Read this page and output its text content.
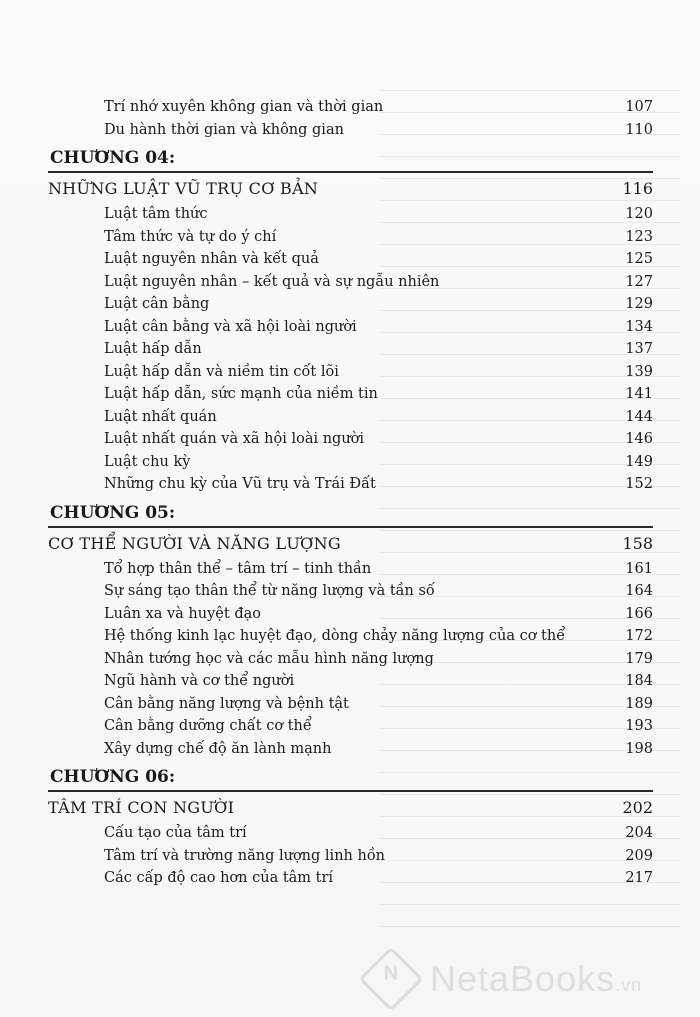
Trí nhớ xuyên không gian và thời gian	107
Du hành thời gian và không gian	110
CHƯƠNG 04:
NHỮNG LUẬT VŨ TRỤ CƠ BẢN	116
Luật tâm thức	120
Tâm thức và tự do ý chí	123
Luật nguyên nhân và kết quả	125
Luật nguyên nhân – kết quả và sự ngẫu nhiên	127
Luật cân bằng	129
Luật cân bằng và xã hội loài người	134
Luật hấp dẫn	137
Luật hấp dẫn và niềm tin cốt lõi	139
Luật hấp dẫn, sức mạnh của niềm tin	141
Luật nhất quán	144
Luật nhất quán và xã hội loài người	146
Luật chu kỳ	149
Những chu kỳ của Vũ trụ và Trái Đất	152
CHƯƠNG 05:
CƠ THỂ NGƯỜI VÀ NĂNG LƯỢNG	158
Tổ hợp thân thể – tâm trí – tinh thần	161
Sự sáng tạo thân thể từ năng lượng và tần số	164
Luân xa và huyệt đạo	166
Hệ thống kinh lạc huyệt đạo, dòng chảy năng lượng của cơ thể	172
Nhân tướng học và các mẫu hình năng lượng	179
Ngũ hành và cơ thể người	184
Cân bằng năng lượng và bệnh tật	189
Cân bằng dưỡng chất cơ thể	193
Xây dựng chế độ ăn lành mạnh	198
CHƯƠNG 06:
TÂM TRÍ CON NGƯỜI	202
Cấu tạo của tâm trí	204
Tâm trí và trường năng lượng linh hồn	209
Các cấp độ cao hơn của tâm trí	217
N
NetaBooks.vn
